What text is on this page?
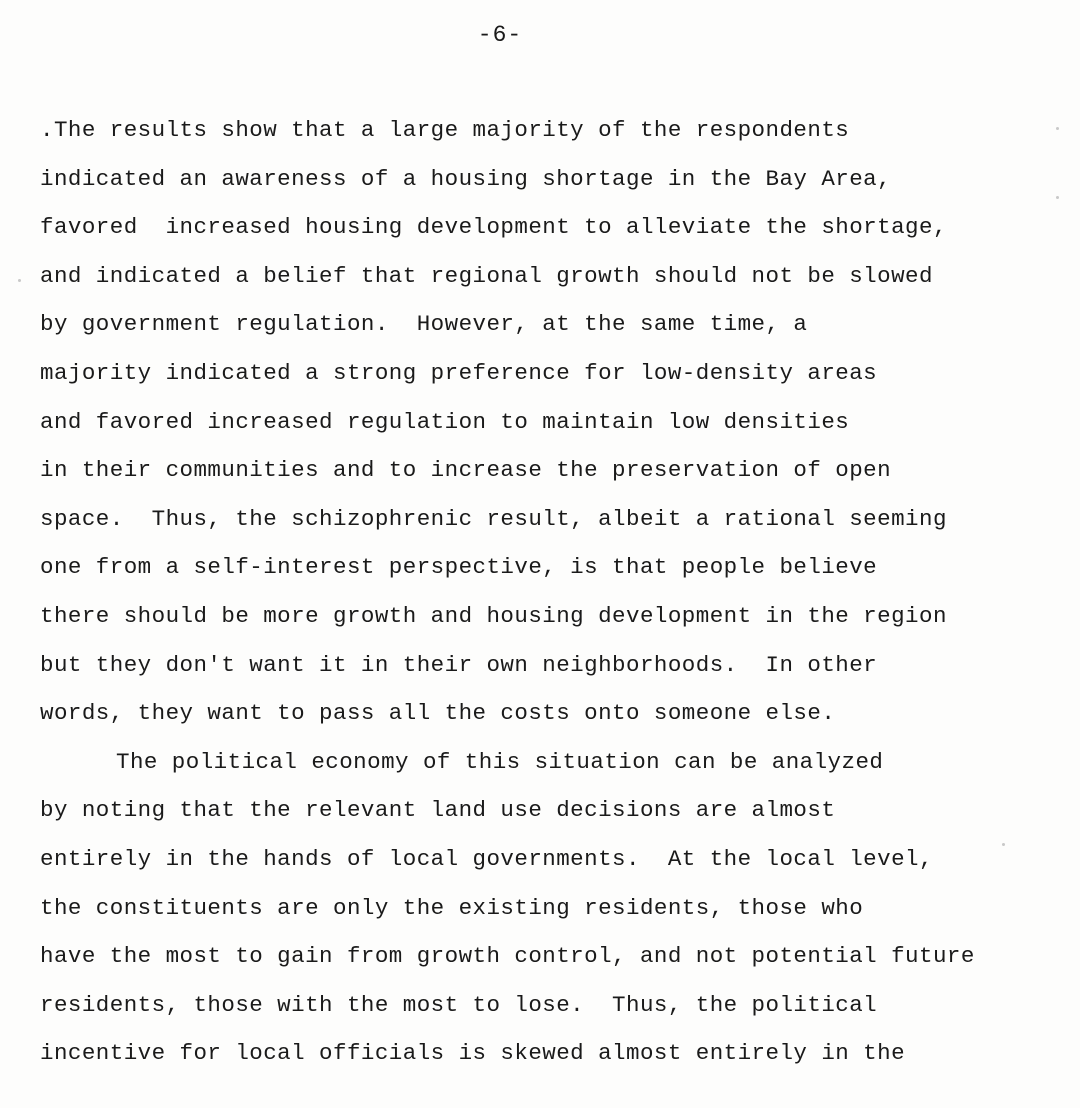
-6-
.The results show that a large majority of the respondents
indicated an awareness of a housing shortage in the Bay Area,
favored  increased housing development to alleviate the shortage,
and indicated a belief that regional growth should not be slowed
by government regulation.  However, at the same time, a
majority indicated a strong preference for low-density areas
and favored increased regulation to maintain low densities
in their communities and to increase the preservation of open
space.  Thus, the schizophrenic result, albeit a rational seeming
one from a self-interest perspective, is that people believe
there should be more growth and housing development in the region
but they don't want it in their own neighborhoods.  In other
words, they want to pass all the costs onto someone else.
The political economy of this situation can be analyzed
by noting that the relevant land use decisions are almost
entirely in the hands of local governments.  At the local level,
the constituents are only the existing residents, those who
have the most to gain from growth control, and not potential future
residents, those with the most to lose.  Thus, the political
incentive for local officials is skewed almost entirely in the
